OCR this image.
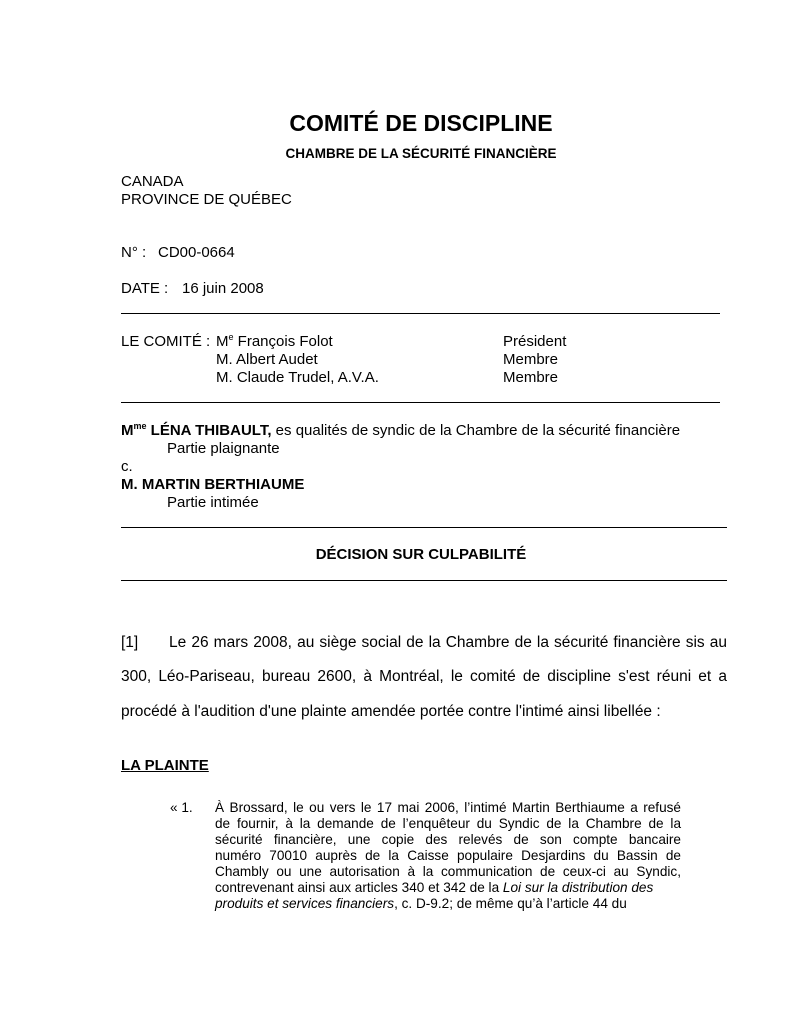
COMITÉ DE DISCIPLINE
CHAMBRE DE LA SÉCURITÉ FINANCIÈRE
CANADA
PROVINCE DE QUÉBEC
N° : CD00-0664
DATE : 16 juin 2008
LE COMITÉ : Me François Folot	Président
M. Albert Audet	Membre
M. Claude Trudel, A.V.A.	Membre
$M^{me}$ LÉNA THIBAULT, es qualités de syndic de la Chambre de la sécurité financière
Partie plaignante
c.
M. MARTIN BERTHIAUME
Partie intimée
DÉCISION SUR CULPABILITÉ
[1] Le 26 mars 2008, au siège social de la Chambre de la sécurité financière sis au
300, Léo-Pariseau, bureau 2600, à Montréal, le comité de discipline s'est réuni et a
procédé à l'audition d'une plainte amendée portée contre l'intimé ainsi libellée :
LA PLAINTE
« 1. À Brossard, le ou vers le 17 mai 2006, l’intimé Martin Berthiaume a refusé
de fournir, à la demande de l’enquêteur du Syndic de la Chambre de la
sécurité financière, une copie des relevés de son compte bancaire
numéro 70010 auprès de la Caisse populaire Desjardins du Bassin de
Chambly ou une autorisation à la communication de ceux-ci au Syndic,
contrevenant ainsi aux articles 340 et 342 de la Loi sur la distribution des
produits et services financiers, c. D-9.2; de même qu’à l’article 44 du
